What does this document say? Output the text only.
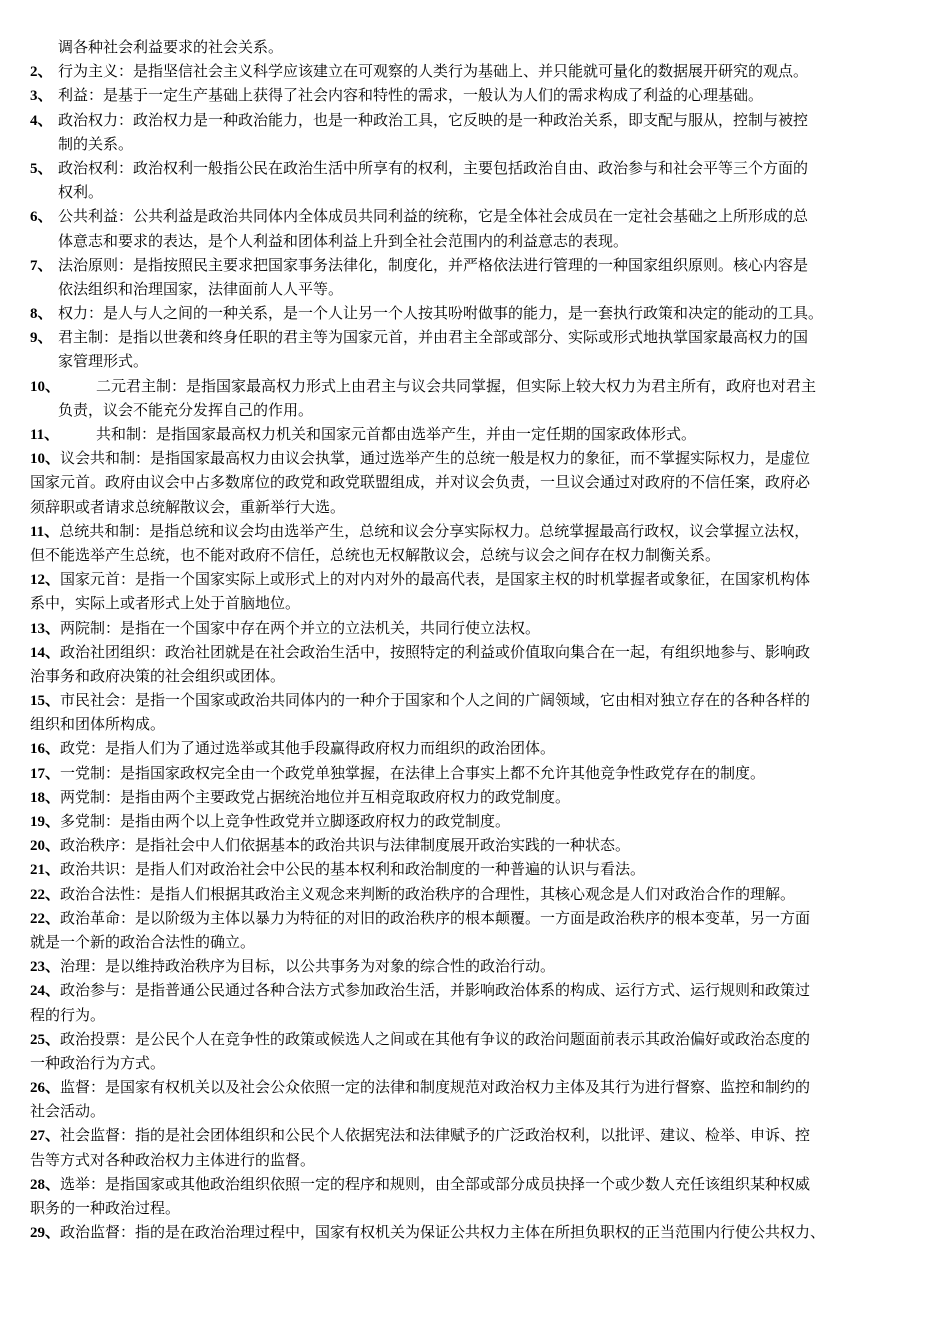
调各种社会利益要求的社会关系。
2、 行为主义：是指坚信社会主义科学应该建立在可观察的人类行为基础上、并只能就可量化的数据展开研究的观点。
3、 利益：是基于一定生产基础上获得了社会内容和特性的需求，一般认为人们的需求构成了利益的心理基础。
4、 政治权力：政治权力是一种政治能力，也是一种政治工具，它反映的是一种政治关系，即支配与服从，控制与被控
制的关系。
5、 政治权利：政治权利一般指公民在政治生活中所享有的权利，主要包括政治自由、政治参与和社会平等三个方面的
权利。
6、 公共利益：公共利益是政治共同体内全体成员共同利益的统称，它是全体社会成员在一定社会基础之上所形成的总
体意志和要求的表达，是个人利益和团体利益上升到全社会范围内的利益意志的表现。
7、 法治原则：是指按照民主要求把国家事务法律化，制度化，并严格依法进行管理的一种国家组织原则。核心内容是
依法组织和治理国家，法律面前人人平等。
8、 权力：是人与人之间的一种关系，是一个人让另一个人按其吩咐做事的能力，是一套执行政策和决定的能动的工具。
9、 君主制：是指以世袭和终身任职的君主等为国家元首，并由君主全部或部分、实际或形式地执掌国家最高权力的国
家管理形式。
10、 二元君主制：是指国家最高权力形式上由君主与议会共同掌握，但实际上较大权力为君主所有，政府也对君主
负责，议会不能充分发挥自己的作用。
11、 共和制：是指国家最高权力机关和国家元首都由选举产生，并由一定任期的国家政体形式。
10、议会共和制：是指国家最高权力由议会执掌，通过选举产生的总统一般是权力的象征，而不掌握实际权力，是虚位
国家元首。政府由议会中占多数席位的政党和政党联盟组成，并对议会负责，一旦议会通过对政府的不信任案，政府必
须辞职或者请求总统解散议会，重新举行大选。
11、总统共和制：是指总统和议会均由选举产生，总统和议会分享实际权力。总统掌握最高行政权，议会掌握立法权，
但不能选举产生总统，也不能对政府不信任，总统也无权解散议会，总统与议会之间存在权力制衡关系。
12、国家元首：是指一个国家实际上或形式上的对内对外的最高代表，是国家主权的时机掌握者或象征，在国家机构体
系中，实际上或者形式上处于首脑地位。
13、两院制：是指在一个国家中存在两个并立的立法机关，共同行使立法权。
14、政治社团组织：政治社团就是在社会政治生活中，按照特定的利益或价值取向集合在一起，有组织地参与、影响政
治事务和政府决策的社会组织或团体。
15、市民社会：是指一个国家或政治共同体内的一种介于国家和个人之间的广阔领域，它由相对独立存在的各种各样的
组织和团体所构成。
16、政党：是指人们为了通过选举或其他手段赢得政府权力而组织的政治团体。
17、一党制：是指国家政权完全由一个政党单独掌握，在法律上合事实上都不允许其他竞争性政党存在的制度。
18、两党制：是指由两个主要政党占据统治地位并互相竞取政府权力的政党制度。
19、多党制：是指由两个以上竞争性政党并立脚逐政府权力的政党制度。
20、政治秩序：是指社会中人们依据基本的政治共识与法律制度展开政治实践的一种状态。
21、政治共识：是指人们对政治社会中公民的基本权利和政治制度的一种普遍的认识与看法。
22、政治合法性：是指人们根据其政治主义观念来判断的政治秩序的合理性，其核心观念是人们对政治合作的理解。
22、政治革命：是以阶级为主体以暴力为特征的对旧的政治秩序的根本颠覆。一方面是政治秩序的根本变革，另一方面
就是一个新的政治合法性的确立。
23、治理：是以维持政治秩序为目标，以公共事务为对象的综合性的政治行动。
24、政治参与：是指普通公民通过各种合法方式参加政治生活，并影响政治体系的构成、运行方式、运行规则和政策过
程的行为。
25、政治投票：是公民个人在竞争性的政策或候选人之间或在其他有争议的政治问题面前表示其政治偏好或政治态度的
一种政治行为方式。
26、监督：是国家有权机关以及社会公众依照一定的法律和制度规范对政治权力主体及其行为进行督察、监控和制约的
社会活动。
27、社会监督：指的是社会团体组织和公民个人依据宪法和法律赋予的广泛政治权利，以批评、建议、检举、申诉、控
告等方式对各种政治权力主体进行的监督。
28、选举：是指国家或其他政治组织依照一定的程序和规则，由全部或部分成员抉择一个或少数人充任该组织某种权威
职务的一种政治过程。
29、政治监督：指的是在政治治理过程中，国家有权机关为保证公共权力主体在所担负职权的正当范围内行使公共权力、
